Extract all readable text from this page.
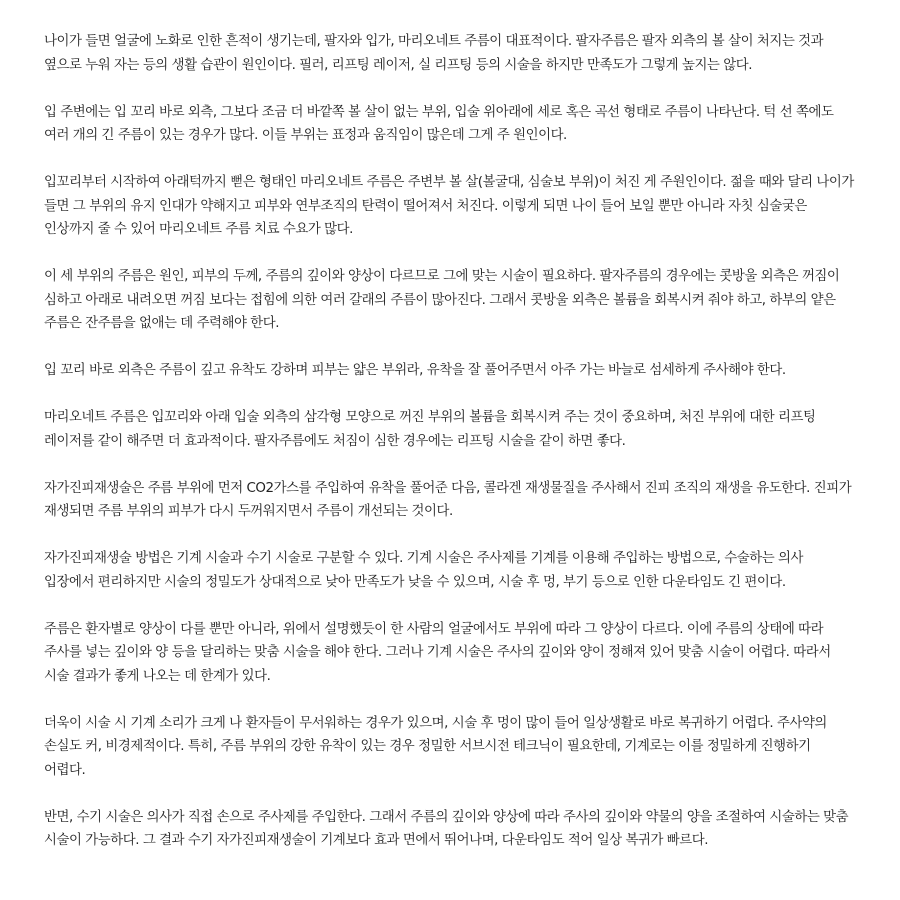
나이가 들면 얼굴에 노화로 인한 흔적이 생기는데, 팔자와 입가, 마리오네트 주름이 대표적이다. 팔자주름은 팔자 외측의 볼 살이 처지는 것과 옆으로 누워 자는 등의 생활 습관이 원인이다. 필러, 리프팅 레이저, 실 리프팅 등의 시술을 하지만 만족도가 그렇게 높지는 않다.

입 주변에는 입 꼬리 바로 외측, 그보다 조금 더 바깥쪽 볼 살이 없는 부위, 입술 위아래에 세로 혹은 곡선 형태로 주름이 나타난다. 턱 선 쪽에도 여러 개의 긴 주름이 있는 경우가 많다. 이들 부위는 표정과 움직임이 많은데 그게 주 원인이다.

입꼬리부터 시작하여 아래턱까지 뻗은 형태인 마리오네트 주름은 주변부 볼 살(볼굴대, 심술보 부위)이 처진 게 주원인이다. 젊을 때와 달리 나이가 들면 그 부위의 유지 인대가 약해지고 피부와 연부조직의 탄력이 떨어져서 처진다. 이렇게 되면 나이 들어 보일 뿐만 아니라 자칫 심술궂은 인상까지 줄 수 있어 마리오네트 주름 치료 수요가 많다.

이 세 부위의 주름은 원인, 피부의 두께, 주름의 깊이와 양상이 다르므로 그에 맞는 시술이 필요하다. 팔자주름의 경우에는 콧방울 외측은 꺼짐이 심하고 아래로 내려오면 꺼짐 보다는 접힘에 의한 여러 갈래의 주름이 많아진다. 그래서 콧방울 외측은 볼륨을 회복시켜 줘야 하고, 하부의 얕은 주름은 잔주름을 없애는 데 주력해야 한다.

입 꼬리 바로 외측은 주름이 깊고 유착도 강하며 피부는 얇은 부위라, 유착을 잘 풀어주면서 아주 가는 바늘로 섬세하게 주사해야 한다.

마리오네트 주름은 입꼬리와 아래 입술 외측의 삼각형 모양으로 꺼진 부위의 볼륨을 회복시켜 주는 것이 중요하며, 처진 부위에 대한 리프팅 레이저를 같이 해주면 더 효과적이다. 팔자주름에도 처짐이 심한 경우에는 리프팅 시술을 같이 하면 좋다.

자가진피재생술은 주름 부위에 먼저 CO2가스를 주입하여 유착을 풀어준 다음, 콜라겐 재생물질을 주사해서 진피 조직의 재생을 유도한다. 진피가 재생되면 주름 부위의 피부가 다시 두꺼워지면서 주름이 개선되는 것이다.

자가진피재생술 방법은 기계 시술과 수기 시술로 구분할 수 있다. 기계 시술은 주사제를 기계를 이용해 주입하는 방법으로, 수술하는 의사 입장에서 편리하지만 시술의 정밀도가 상대적으로 낮아 만족도가 낮을 수 있으며, 시술 후 멍, 부기 등으로 인한 다운타임도 긴 편이다.

주름은 환자별로 양상이 다를 뿐만 아니라, 위에서 설명했듯이 한 사람의 얼굴에서도 부위에 따라 그 양상이 다르다. 이에 주름의 상태에 따라 주사를 넣는 깊이와 양 등을 달리하는 맞춤 시술을 해야 한다. 그러나 기계 시술은 주사의 깊이와 양이 정해져 있어 맞춤 시술이 어렵다. 따라서 시술 결과가 좋게 나오는 데 한계가 있다.

더욱이 시술 시 기계 소리가 크게 나 환자들이 무서워하는 경우가 있으며, 시술 후 멍이 많이 들어 일상생활로 바로 복귀하기 어렵다. 주사약의 손실도 커, 비경제적이다. 특히, 주름 부위의 강한 유착이 있는 경우 정밀한 서브시전 테크닉이 필요한데, 기계로는 이를 정밀하게 진행하기 어렵다.

반면, 수기 시술은 의사가 직접 손으로 주사제를 주입한다. 그래서 주름의 깊이와 양상에 따라 주사의 깊이와 약물의 양을 조절하여 시술하는 맞춤 시술이 가능하다. 그 결과 수기 자가진피재생술이 기계보다 효과 면에서 뛰어나며, 다운타임도 적어 일상 복귀가 빠르다.
